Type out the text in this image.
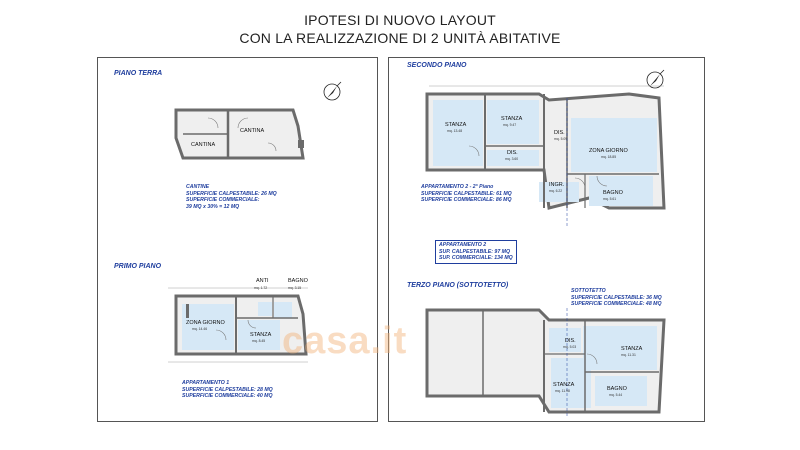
IPOTESI DI NUOVO LAYOUT
CON LA REALIZZAZIONE DI 2 UNITÀ ABITATIVE
PIANO TERRA
CANTINA
CANTINA
ZONA GIORNO
mq. 14.46
STANZA
mq. 8.45
ANTI
mq. 1.72
BAGNO
mq. 3.15
CANTINE
SUPERFICIE CALPESTABILE: 26 MQ
SUPERFICIE COMMERCIALE:
39 MQ x 30% = 12 MQ
PRIMO PIANO
APPARTAMENTO 1
SUPERFICIE CALPESTABILE: 28 MQ
SUPERFICIE COMMERCIALE: 40 MQ
SECONDO PIANO
STANZA
mq. 13.48
STANZA
mq. 9.47
DIS.
mq. 3.60
DIS.
mq. 5.09
ZONA GIORNO
mq. 18.85
INGR.
mq. 6.22	BAGNO
mq. 5.61
DIS.
mq. 5.03	STANZA
mq. 11.31
STANZA
mq. 11.98	BAGNO
mq. 5.44
APPARTAMENTO 2 - 2° Piano
SUPERFICIE CALPESTABILE: 61 MQ
SUPERFICIE COMMERCIALE: 86 MQ
APPARTAMENTO 2
SUP. CALPESTABILE: 97 MQ
SUP. COMMERCIALE: 134 MQ
TERZO PIANO (SOTTOTETTO)
SOTTOTETTO
SUPERFICIE CALPESTABILE: 36 MQ
SUPERFICIE COMMERCIALE: 48 MQ
casa.it
